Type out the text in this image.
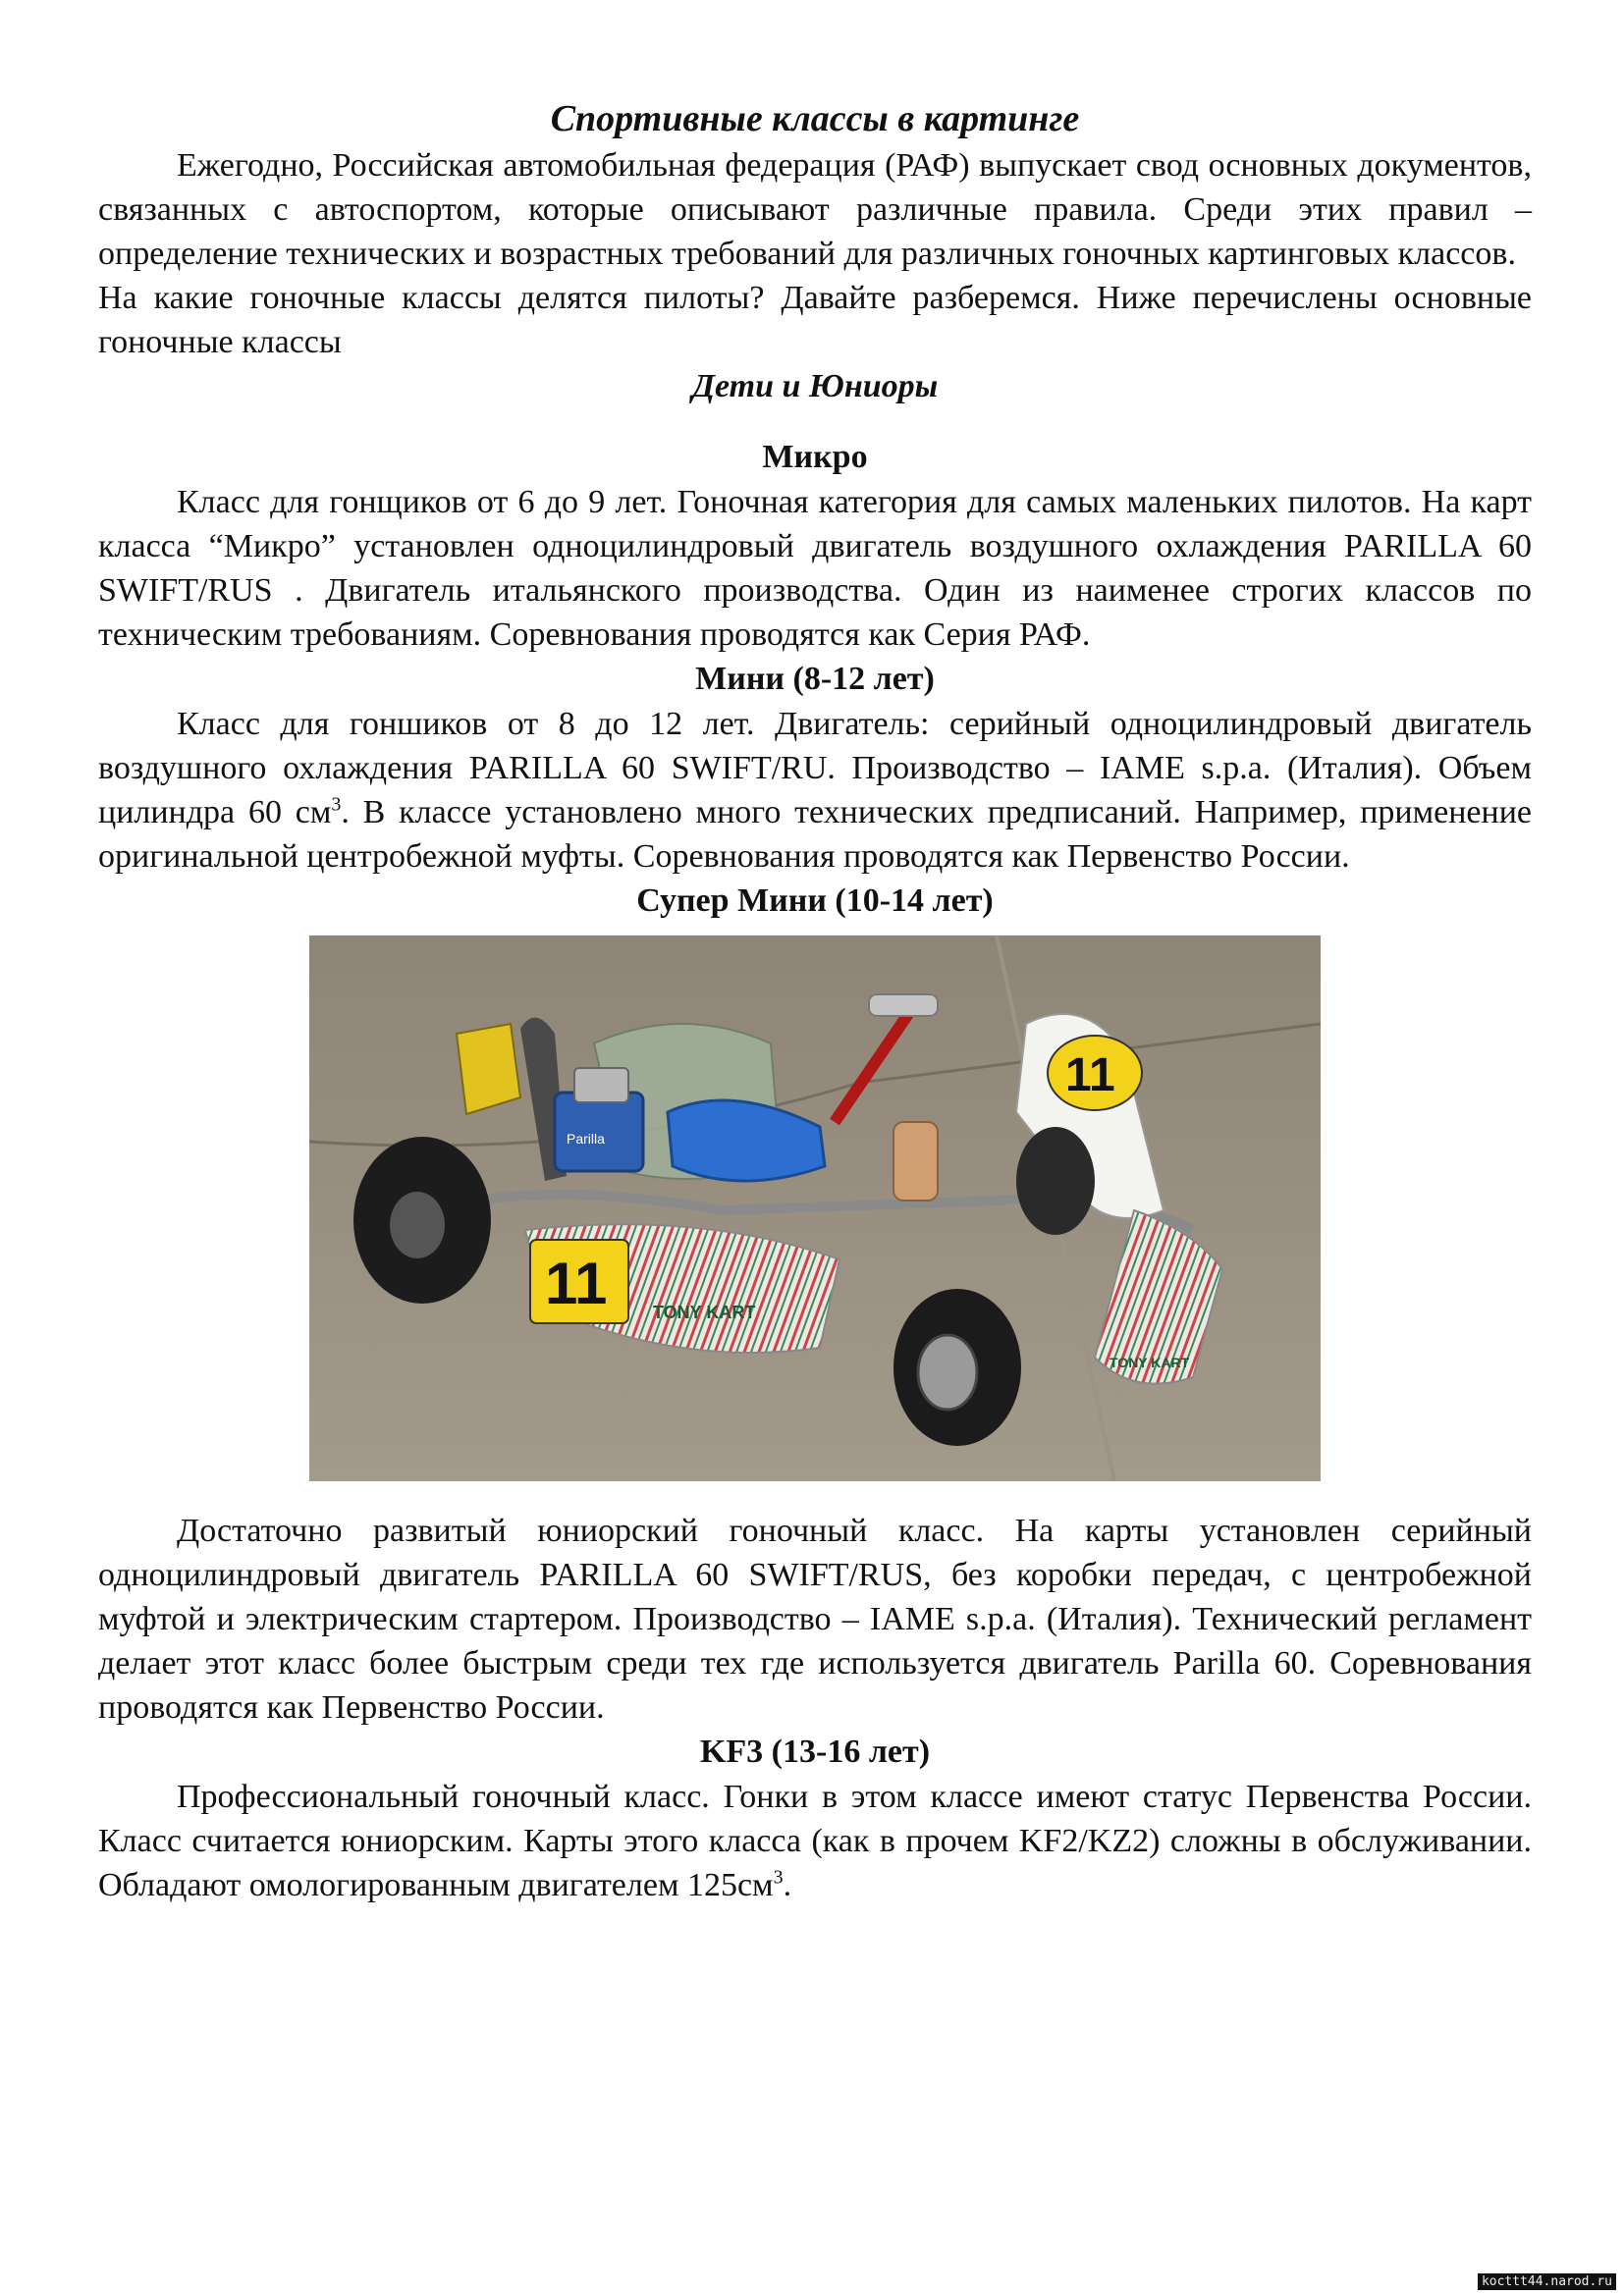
Спортивные классы в картинге

Ежегодно, Российская автомобильная федерация (РАФ) выпускает свод основных документов, связанных с автоспортом, которые описывают различные правила. Среди этих правил – определение технических и возрастных требований для различных гоночных картинговых классов.

На какие гоночные классы делятся пилоты? Давайте разберемся. Ниже перечислены основные гоночные классы

Дети и Юниоры
Микро

Класс для гонщиков от 6 до 9 лет. Гоночная категория для самых маленьких пилотов. На карт класса “Микро” установлен одноцилиндровый двигатель воздушного охлаждения PARILLA 60 SWIFT/RUS . Двигатель итальянского производства. Один из наименее строгих классов по техническим требованиям. Соревнования проводятся как Серия РАФ.

Мини (8-12 лет)

Класс для гоншиков от 8 до 12 лет. Двигатель: серийный одноцилиндровый двигатель воздушного охлаждения PARILLA 60 SWIFT/RU. Производство – IAME s.p.a. (Италия). Объем цилиндра 60 $см^3$. В классе установлено много технических предписаний. Например, применение оригинальной центробежной муфты. Соревнования проводятся как Первенство России.

Супер Мини (10-14 лет)
Parilla
11
11	TONY KART
TONY KART

Достаточно развитый юниорский гоночный класс. На карты установлен серийный одноцилиндровый двигатель PARILLA 60 SWIFT/RUS, без коробки передач, с центробежной муфтой и электрическим стартером. Производство – IAME s.p.a. (Италия). Технический регламент делает этот класс более быстрым среди тех где используется двигатель Parilla 60. Соревнования проводятся как Первенство России.

KF3 (13-16 лет)

Профессиональный гоночный класс. Гонки в этом классе имеют статус Первенства России. Класс считается юниорским. Карты этого класса (как в прочем KF2/KZ2) сложны в обслуживании. Обладают омологированным двигателем $125см^3$.

kocttt44.narod.ru
